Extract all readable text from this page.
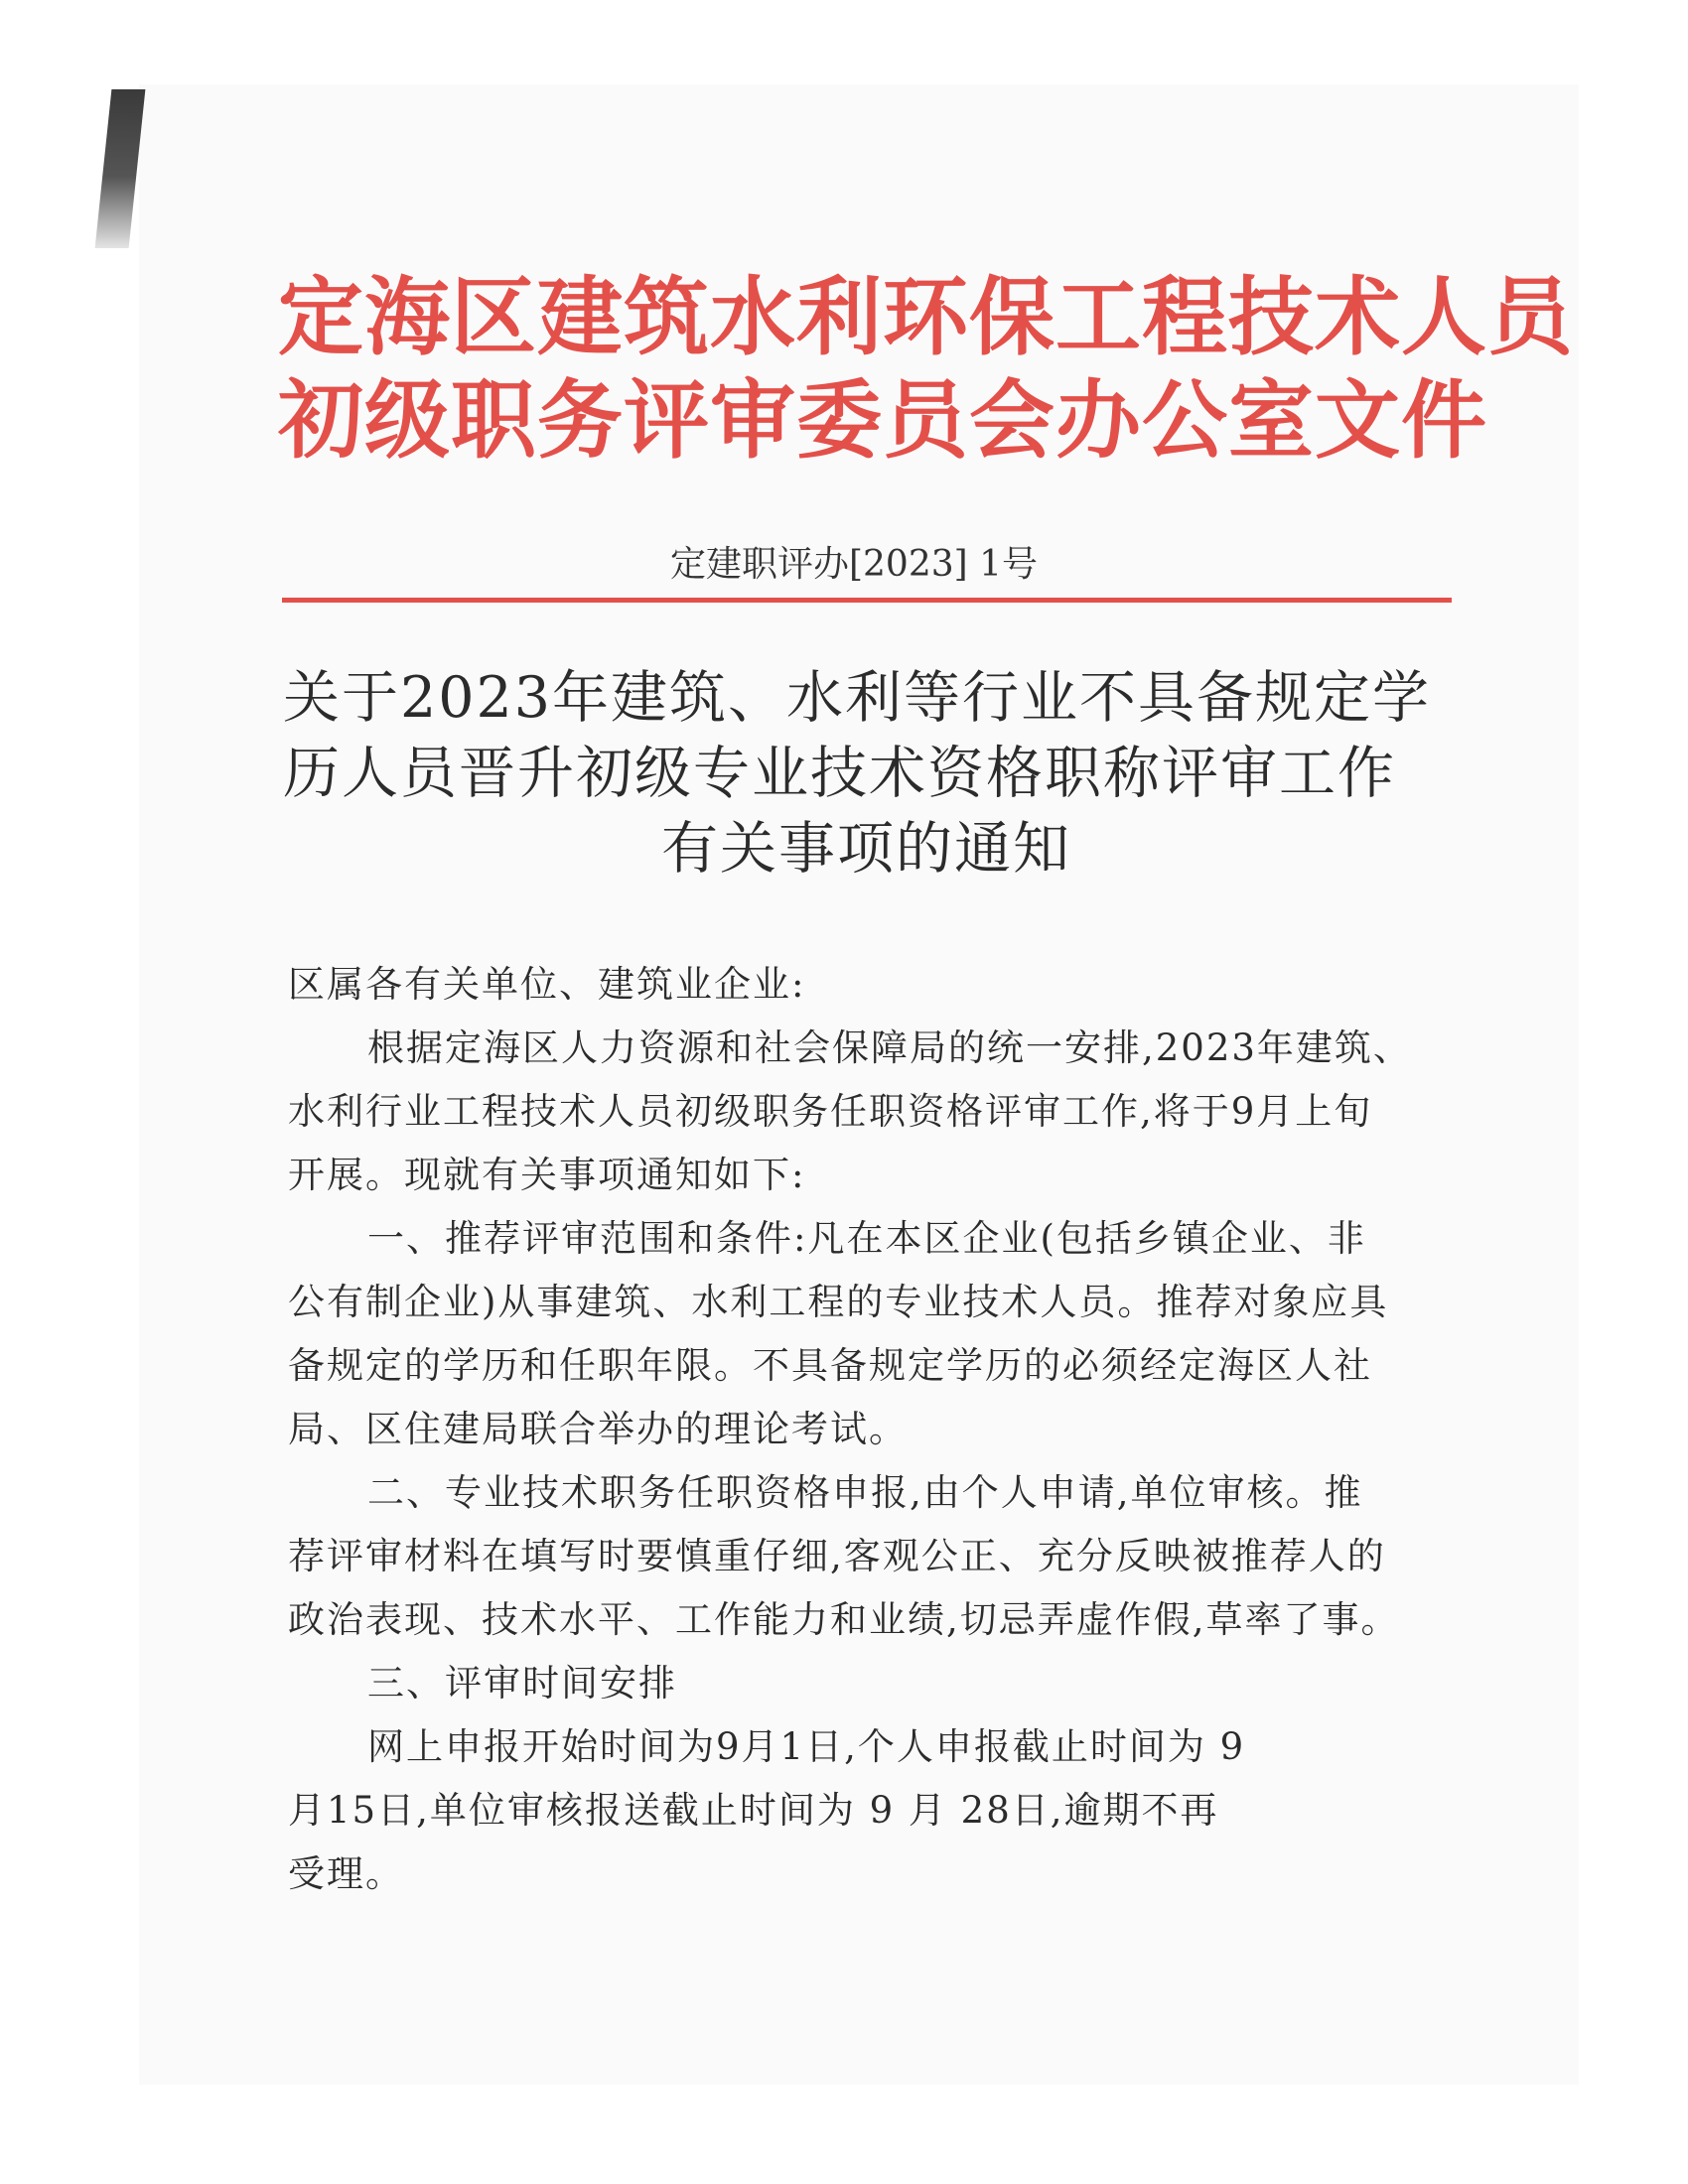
定海区建筑水利环保工程技术人员
初级职务评审委员会办公室文件
定建职评办[2023] 1号
关于2023年建筑、水利等行业不具备规定学
历人员晋升初级专业技术资格职称评审工作
有关事项的通知

区属各有关单位、建筑业企业:

根据定海区人力资源和社会保障局的统一安排,2023年建筑、

水利行业工程技术人员初级职务任职资格评审工作,将于9月上旬

开展。现就有关事项通知如下:

一、推荐评审范围和条件:凡在本区企业(包括乡镇企业、非

公有制企业)从事建筑、水利工程的专业技术人员。推荐对象应具

备规定的学历和任职年限。不具备规定学历的必须经定海区人社

局、区住建局联合举办的理论考试。

二、专业技术职务任职资格申报,由个人申请,单位审核。推

荐评审材料在填写时要慎重仔细,客观公正、充分反映被推荐人的

政治表现、技术水平、工作能力和业绩,切忌弄虚作假,草率了事。

三、评审时间安排

网上申报开始时间为9月1日,个人申报截止时间为 9

月15日,单位审核报送截止时间为 9 月 28日,逾期不再

受理。
